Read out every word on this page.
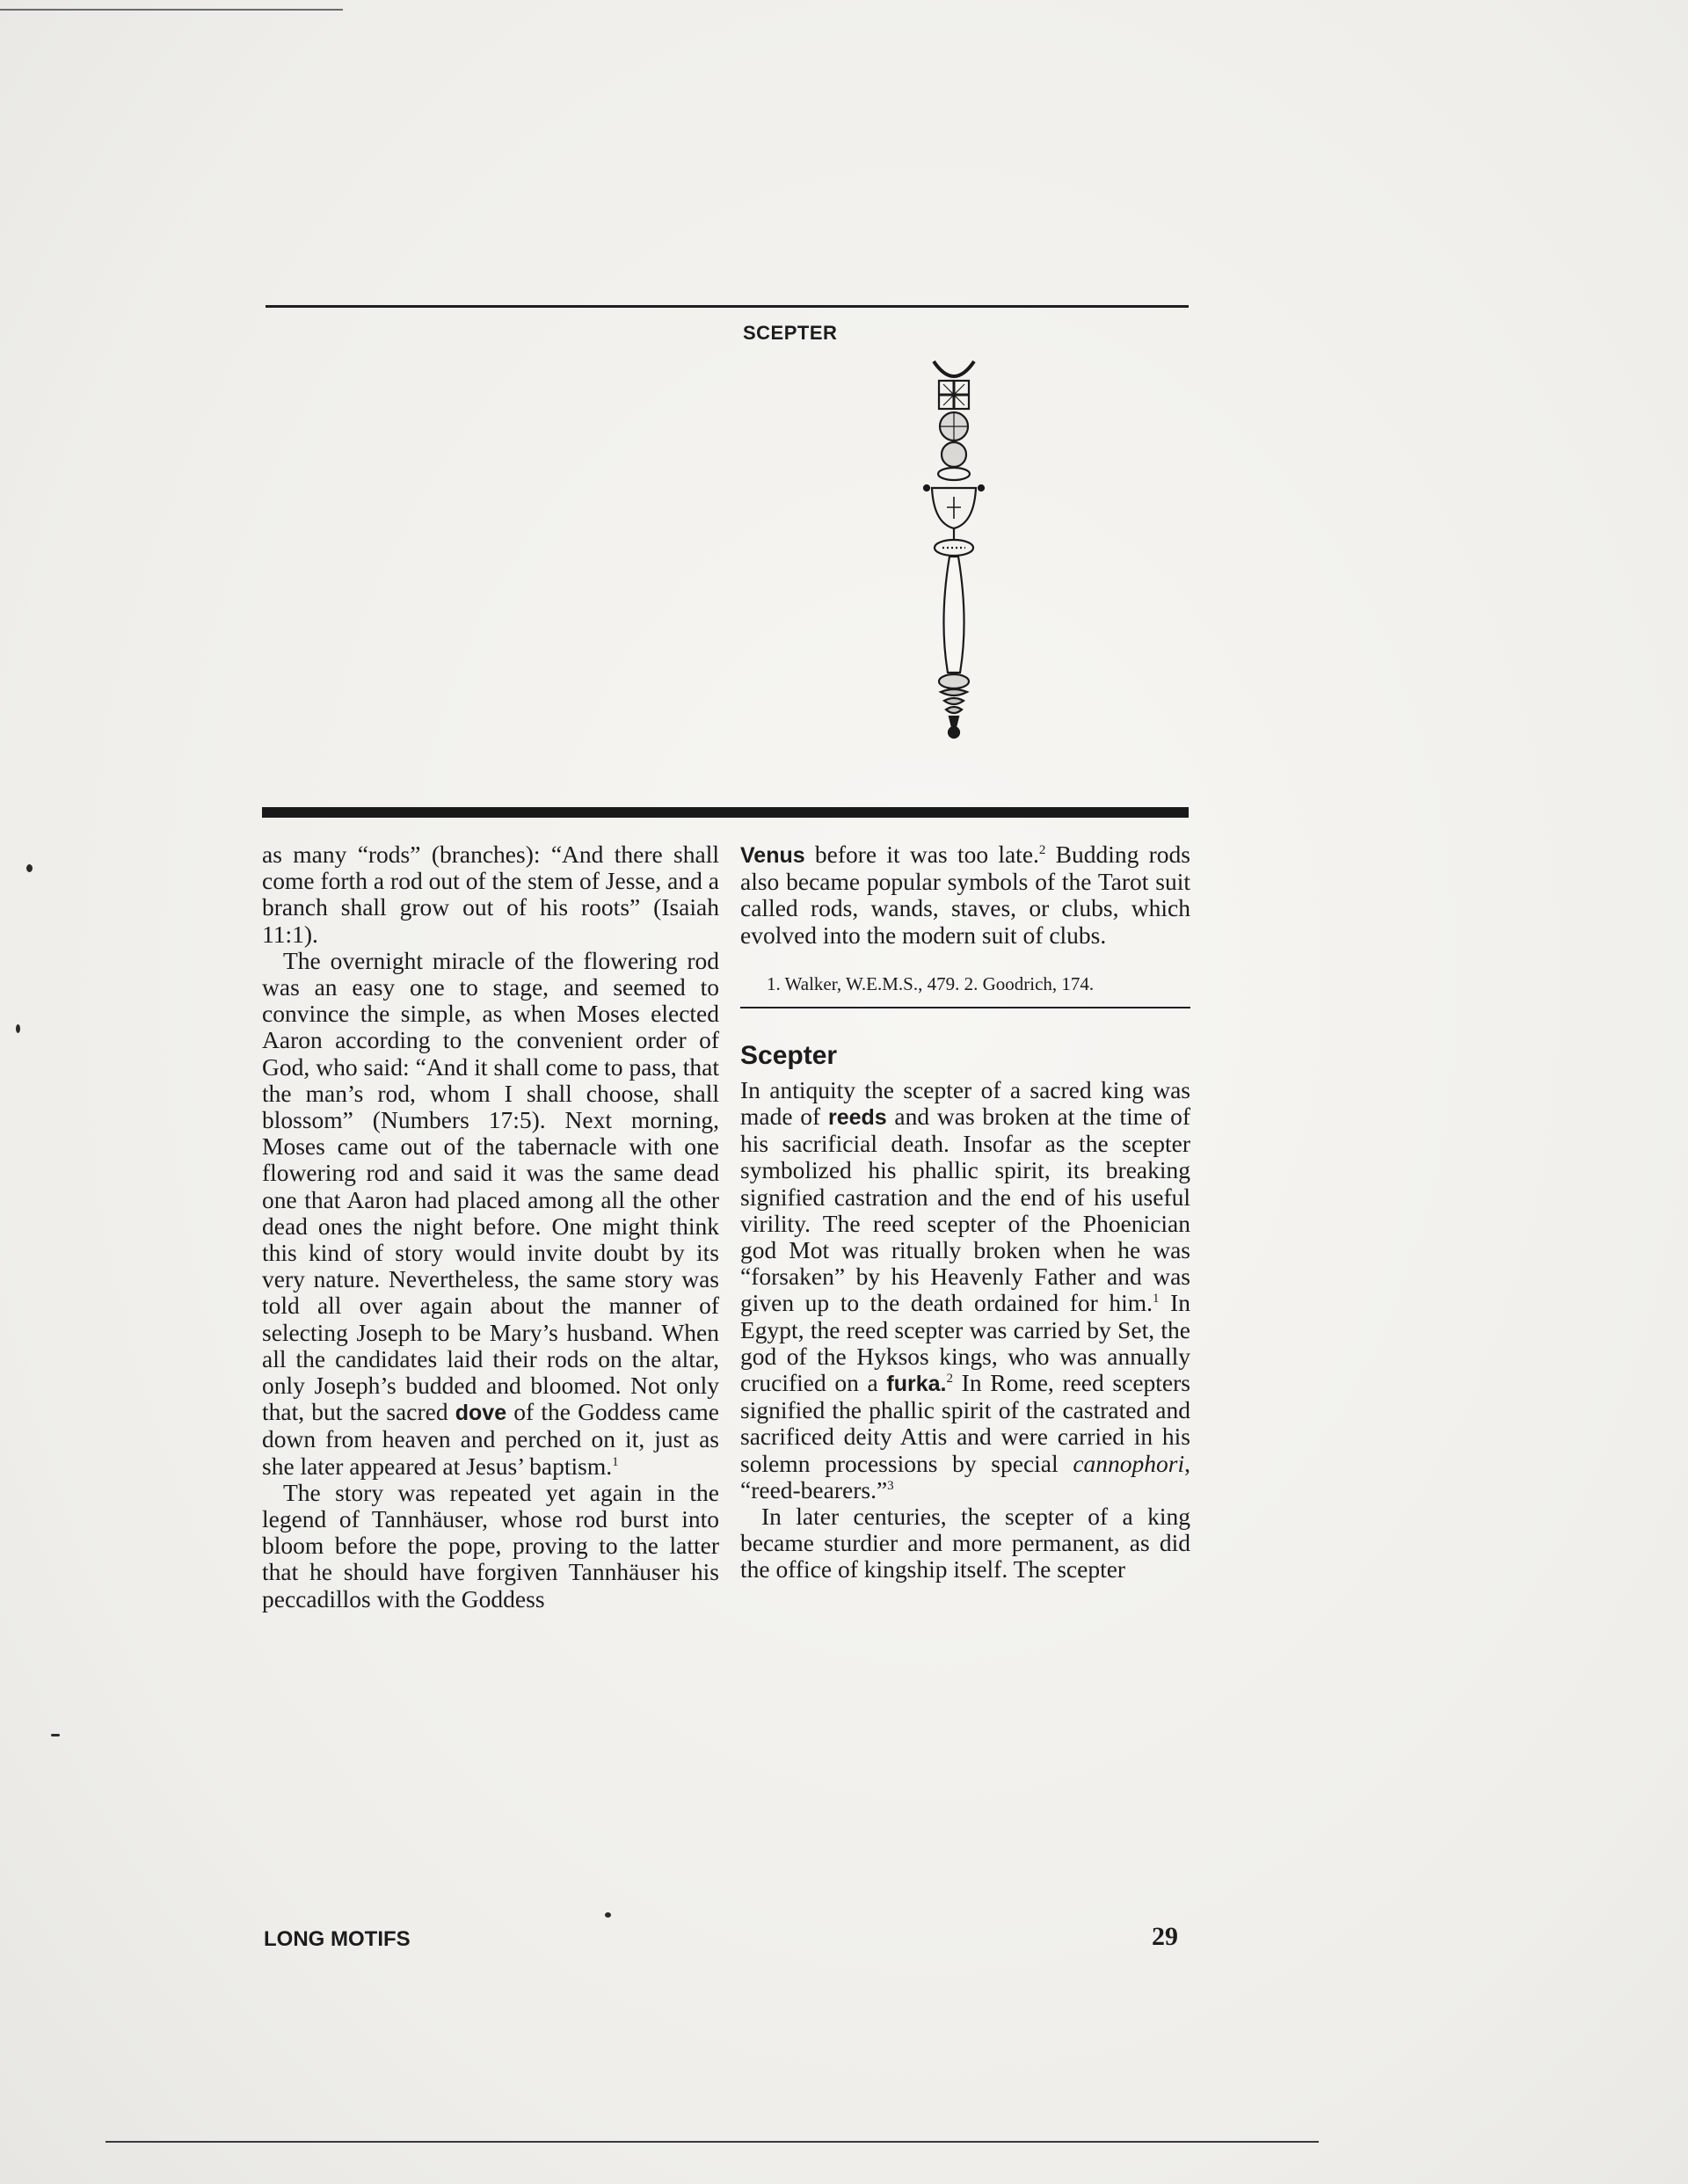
SCEPTER

as many “rods” (branches): “And there shall come forth a rod out of the stem of Jesse, and a branch shall grow out of his roots” (Isaiah 11:1).

The overnight miracle of the flowering rod was an easy one to stage, and seemed to convince the simple, as when Moses elected Aaron according to the convenient order of God, who said: “And it shall come to pass, that the man’s rod, whom I shall choose, shall blossom” (Numbers 17:5). Next morning, Moses came out of the tabernacle with one flowering rod and said it was the same dead one that Aaron had placed among all the other dead ones the night before. One might think this kind of story would invite doubt by its very nature. Nevertheless, the same story was told all over again about the manner of selecting Joseph to be Mary’s husband. When all the candidates laid their rods on the altar, only Joseph’s budded and bloomed. Not only that, but the sacred dove of the Goddess came down from heaven and perched on it, just as she later appeared at Jesus’ baptism.$^1$

The story was repeated yet again in the legend of Tannhäuser, whose rod burst into bloom before the pope, proving to the latter that he should have forgiven Tannhäuser his peccadillos with the Goddess

Venus before it was too late.$^2$ Budding rods also became popular symbols of the Tarot suit called rods, wands, staves, or clubs, which evolved into the modern suit of clubs.

1. Walker, W.E.M.S., 479. 2. Goodrich, 174.
Scepter

In antiquity the scepter of a sacred king was made of reeds and was broken at the time of his sacrificial death. Insofar as the scepter symbolized his phallic spirit, its breaking signified castration and the end of his useful virility. The reed scepter of the Phoenician god Mot was ritually broken when he was “forsaken” by his Heavenly Father and was given up to the death ordained for him.$^1$ In Egypt, the reed scepter was carried by Set, the god of the Hyksos kings, who was annually crucified on a furka.$^2$ In Rome, reed scepters signified the phallic spirit of the castrated and sacrificed deity Attis and were carried in his solemn processions by special cannophori, “reed-bearers.”$^3$

In later centuries, the scepter of a king became sturdier and more permanent, as did the office of kingship itself. The scepter

LONG MOTIFS	29
